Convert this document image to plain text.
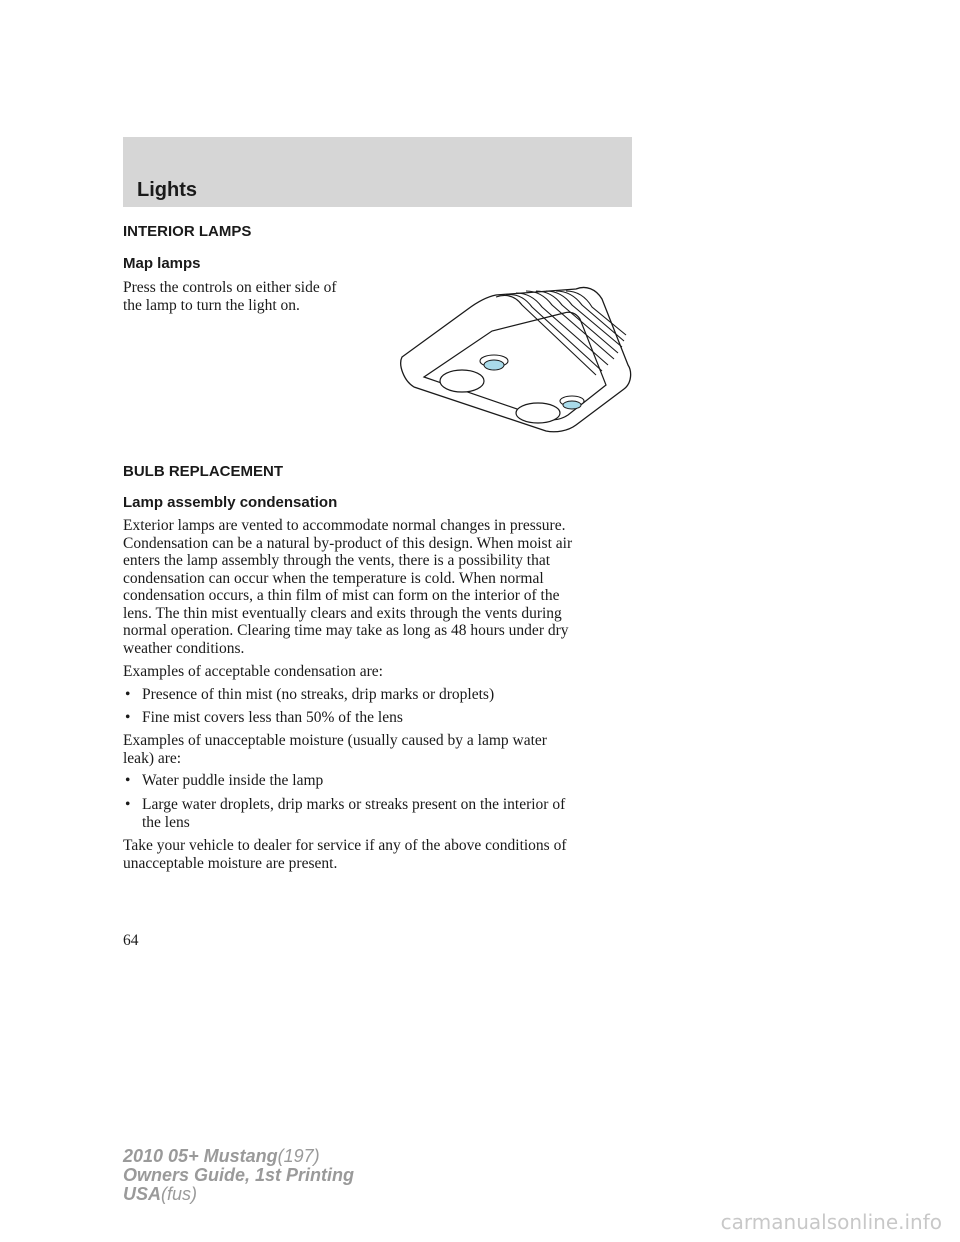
Lights
INTERIOR LAMPS
Map lamps

Press the controls on either side of

the lamp to turn the light on.

BULB REPLACEMENT
Lamp assembly condensation

Exterior lamps are vented to accommodate normal changes in pressure.

Condensation can be a natural by-product of this design. When moist air

enters the lamp assembly through the vents, there is a possibility that

condensation can occur when the temperature is cold. When normal

condensation occurs, a thin film of mist can form on the interior of the

lens. The thin mist eventually clears and exits through the vents during

normal operation. Clearing time may take as long as 48 hours under dry

weather conditions.

Examples of acceptable condensation are:

• Presence of thin mist (no streaks, drip marks or droplets)

• Fine mist covers less than 50% of the lens

Examples of unacceptable moisture (usually caused by a lamp water

leak) are:

• Water puddle inside the lamp

• Large water droplets, drip marks or streaks present on the interior of
the lens

Take your vehicle to dealer for service if any of the above conditions of

unacceptable moisture are present.

64

2010 05+ Mustang(197)
Owners Guide, 1st Printing
USA(fus)
carmanualsonline.info
